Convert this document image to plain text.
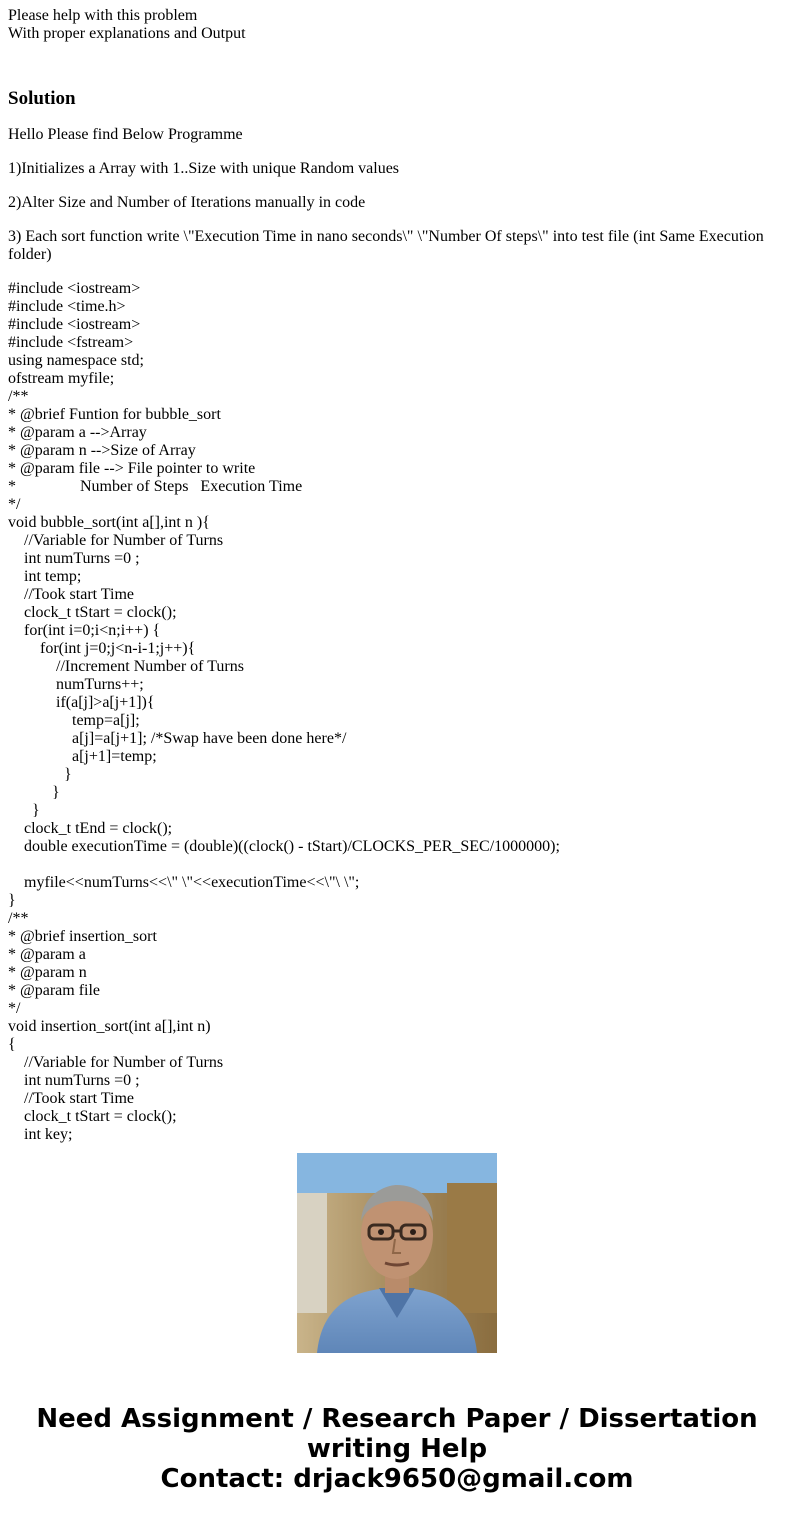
Please help with this problem
With proper explanations and Output
Solution

Hello Please find Below Programme

1)Initializes a Array with 1..Size with unique Random values

2)Alter Size and Number of Iterations manually in code

3) Each sort function write \"Execution Time in nano seconds\" \"Number Of steps\" into test file (int Same Execution folder)

#include <iostream>
#include <time.h>
#include <iostream>
#include <fstream>
using namespace std;
ofstream myfile;
/**
* @brief Funtion for bubble_sort
* @param a -->Array
* @param n -->Size of Array
* @param file --> File pointer to write
*                Number of Steps   Execution Time
*/
void bubble_sort(int a[],int n ){
//Variable for Number of Turns
int numTurns =0 ;
int temp;
//Took start Time
clock_t tStart = clock();
for(int i=0;i<n;i++) {
for(int j=0;j<n-i-1;j++){
//Increment Number of Turns
numTurns++;
if(a[j]>a[j+1]){
temp=a[j];
a[j]=a[j+1]; /*Swap have been done here*/
a[j+1]=temp;
}
}
}
clock_t tEnd = clock();
double executionTime = (double)((clock() - tStart)/CLOCKS_PER_SEC/1000000);
myfile<<numTurns<<\" \"<<executionTime<<\"\ \";
}
/**
* @brief insertion_sort
* @param a
* @param n
* @param file
*/
void insertion_sort(int a[],int n)
{
//Variable for Number of Turns
int numTurns =0 ;
//Took start Time
clock_t tStart = clock();
int key;
Need Assignment / Research Paper / Dissertation
writing Help
Contact: drjack9650@gmail.com
